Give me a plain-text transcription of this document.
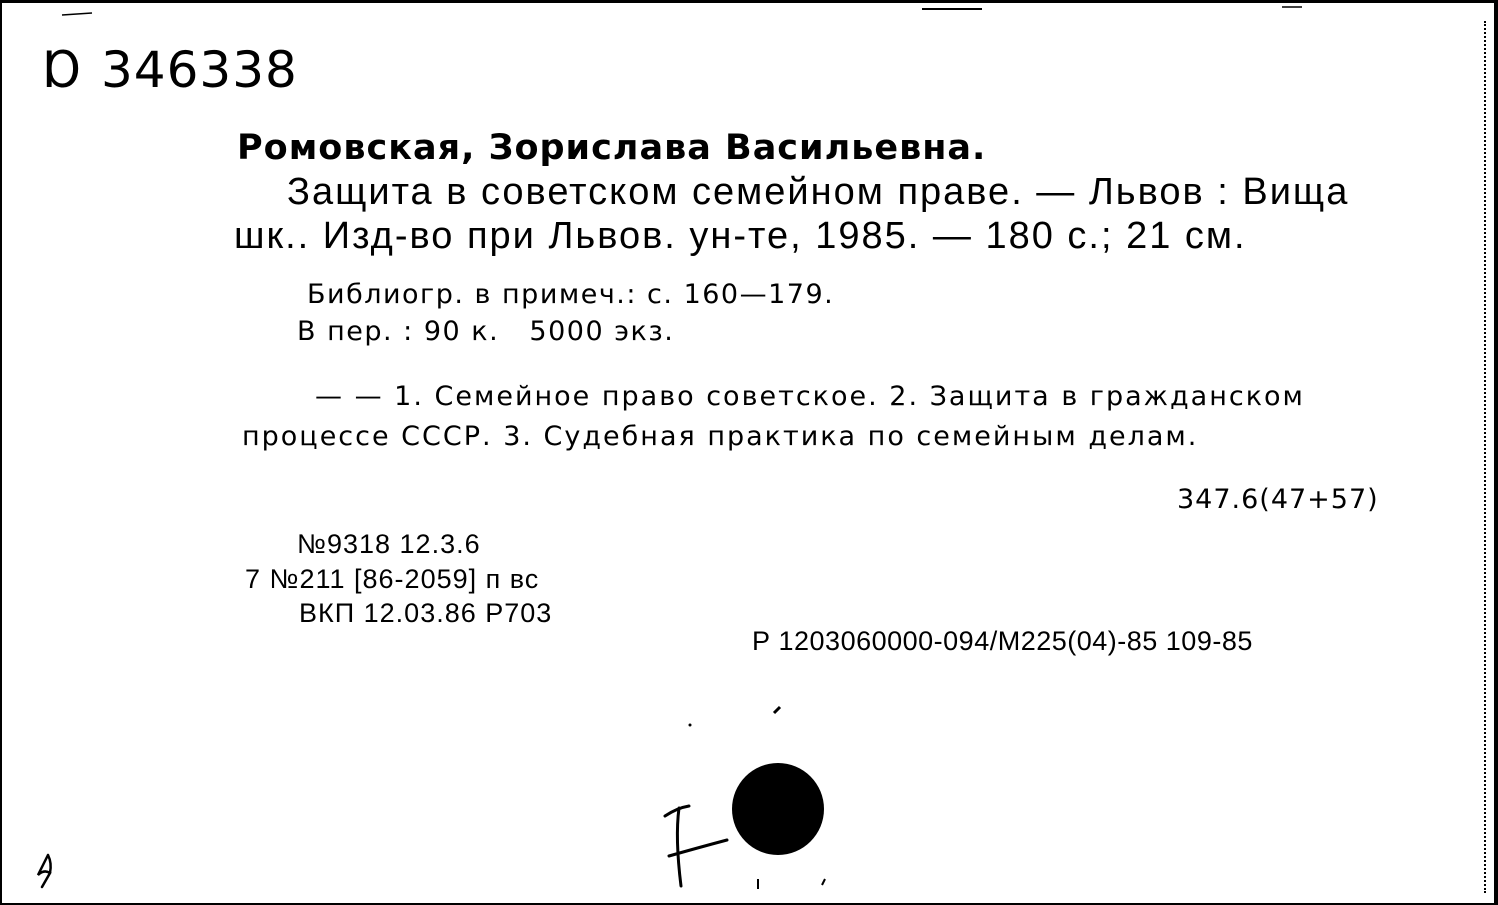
Ɒ 346338
Ромовская, Зорислава Васильевна.
Защита в советском семейном праве. — Львов : Вища
шк.. Изд-во при Львов. ун-те, 1985. — 180 с.; 21 см.
Библиогр. в примеч.: с. 160—179.
В пер. : 90 к.   5000 экз.
— — 1. Семейное право советское. 2. Защита в гражданском
процессе СССР. 3. Судебная практика по семейным делам.
347.6(47+57)
№9318 12.3.6
7 №211 [86-2059] п вс
ВКП 12.03.86 Р703
Р 1203060000-094/М225(04)-85 109-85
